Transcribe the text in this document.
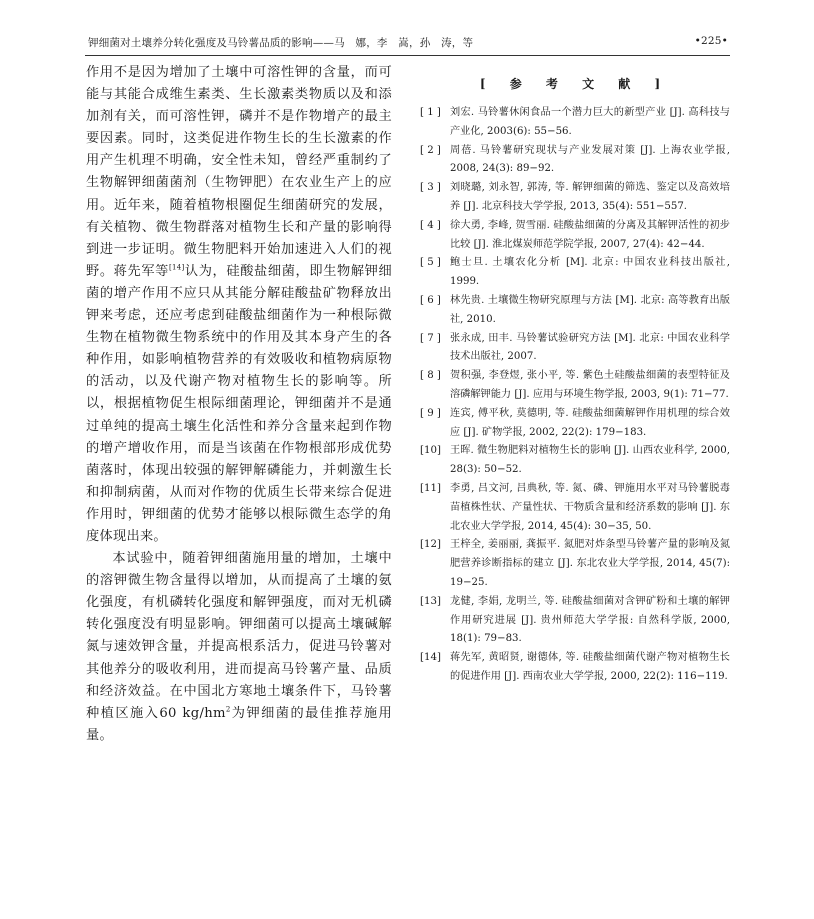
钾细菌对土壤养分转化强度及马铃薯品质的影响——马　娜，李　嵩，孙　涛，等	•225•

作用不是因为增加了土壤中可溶性钾的含量，而可能与其能合成维生素类、生长激素类物质以及和添加剂有关，而可溶性钾，磷并不是作物增产的最主要因素。同时，这类促进作物生长的生长激素的作用产生机理不明确，安全性未知，曾经严重制约了生物解钾细菌菌剂（生物钾肥）在农业生产上的应用。近年来，随着植物根圈促生细菌研究的发展，有关植物、微生物群落对植物生长和产量的影响得到进一步证明。微生物肥料开始加速进入人们的视野。蒋先军等[14]认为，硅酸盐细菌，即生物解钾细菌的增产作用不应只从其能分解硅酸盐矿物释放出钾来考虑，还应考虑到硅酸盐细菌作为一种根际微生物在植物微生物系统中的作用及其本身产生的各种作用，如影响植物营养的有效吸收和植物病原物的活动，以及代谢产物对植物生长的影响等。所以，根据植物促生根际细菌理论，钾细菌并不是通过单纯的提高土壤生化活性和养分含量来起到作物的增产增收作用，而是当该菌在作物根部形成优势菌落时，体现出较强的解钾解磷能力，并刺激生长和抑制病菌，从而对作物的优质生长带来综合促进作用时，钾细菌的优势才能够以根际微生态学的角度体现出来。

本试验中，随着钾细菌施用量的增加，土壤中的溶钾微生物含量得以增加，从而提高了土壤的氨化强度，有机磷转化强度和解钾强度，而对无机磷转化强度没有明显影响。钾细菌可以提高土壤碱解氮与速效钾含量，并提高根系活力，促进马铃薯对其他养分的吸收利用，进而提高马铃薯产量、品质和经济效益。在中国北方寒地土壤条件下，马铃薯种植区施入60 $kg/hm^2$为钾细菌的最佳推荐施用量。

[ 参 考 文 献 ]
[ 1 ] 刘宏. 马铃薯休闲食品一个潜力巨大的新型产业 [J]. 高科技与产业化, 2003(6): 55−56.
[ 2 ] 周蓓. 马铃薯研究现状与产业发展对策 [J]. 上海农业学报, 2008, 24(3): 89−92.
[ 3 ] 刘晓璐, 刘永智, 郭涛, 等. 解钾细菌的筛选、鉴定以及高效培养 [J]. 北京科技大学学报, 2013, 35(4): 551−557.
[ 4 ] 徐大勇, 李峰, 贺雪丽. 硅酸盐细菌的分离及其解钾活性的初步比较 [J]. 淮北煤炭师范学院学报, 2007, 27(4): 42−44.
[ 5 ] 鲍士旦. 土壤农化分析 [M]. 北京: 中国农业科技出版社, 1999.
[ 6 ] 林先贵. 土壤微生物研究原理与方法 [M]. 北京: 高等教育出版社, 2010.
[ 7 ] 张永成, 田丰. 马铃薯试验研究方法 [M]. 北京: 中国农业科学技术出版社, 2007.
[ 8 ] 贺积强, 李登煜, 张小平, 等. 紫色土硅酸盐细菌的表型特征及溶磷解钾能力 [J]. 应用与环境生物学报, 2003, 9(1): 71−77.
[ 9 ] 连宾, 傅平秋, 莫德明, 等. 硅酸盐细菌解钾作用机理的综合效应 [J]. 矿物学报, 2002, 22(2): 179−183.
[10] 王晖. 微生物肥料对植物生长的影响 [J]. 山西农业科学, 2000, 28(3): 50−52.
[11] 李勇, 吕文河, 吕典秋, 等. 氮、磷、钾施用水平对马铃薯脱毒苗植株性状、产量性状、干物质含量和经济系数的影响 [J]. 东北农业大学学报, 2014, 45(4): 30−35, 50.
[12] 王梓全, 姜丽丽, 龚振平. 氮肥对炸条型马铃薯产量的影响及氮肥营养诊断指标的建立 [J]. 东北农业大学学报, 2014, 45(7): 19−25.
[13] 龙健, 李娟, 龙明兰, 等. 硅酸盐细菌对含钾矿粉和土壤的解钾作用研究进展 [J]. 贵州师范大学学报: 自然科学版, 2000, 18(1): 79−83.
[14] 蒋先军, 黄昭贤, 谢德体, 等. 硅酸盐细菌代谢产物对植物生长的促进作用 [J]. 西南农业大学学报, 2000, 22(2): 116−119.
